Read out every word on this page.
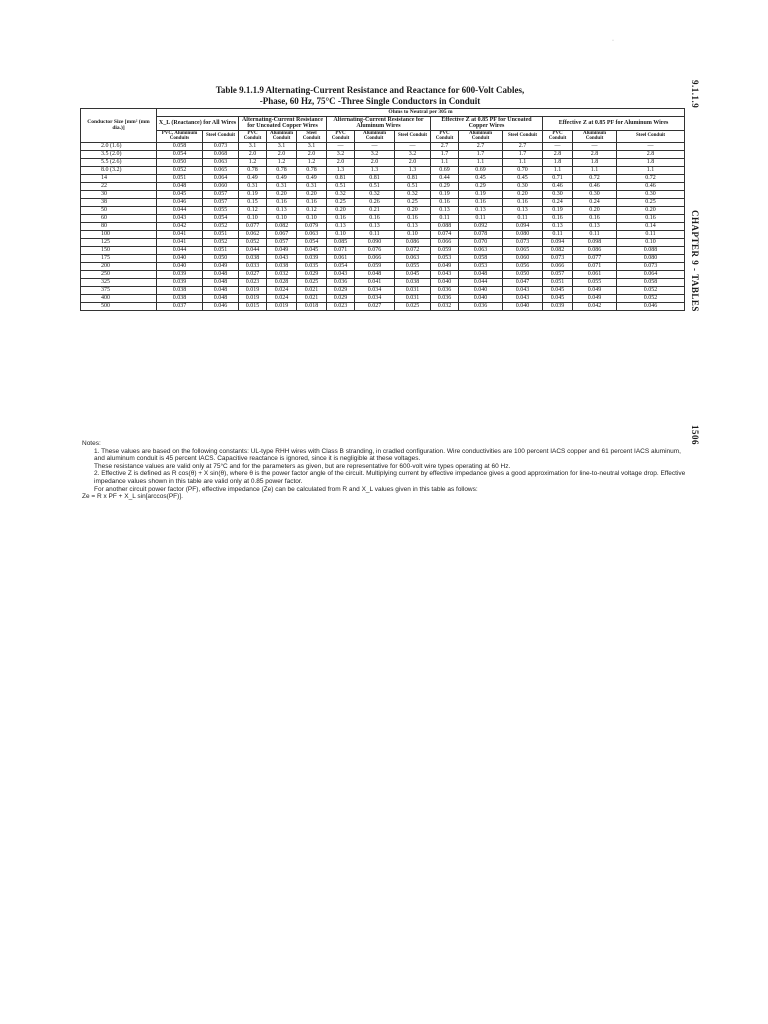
·
Table 9.1.1.9 Alternating-Current Resistance and Reactance for 600-Volt Cables,
-Phase, 60 Hz, 75°C -Three Single Conductors in Conduit
Conductor Size [mm² (mm dia.)]	Ohms to Neutral per 305 m													
	X_L (Reactance) for All Wires		Alternating-Current Resistance for Uncoated Copper Wires			Alternating-Current Resistance for Aluminum Wires			Effective Z at 0.85 PF for Uncoated Copper Wires			Effective Z at 0.85 PF for Aluminum Wires		
	PVC, Aluminum Conduits	Steel Conduit	PVC Conduit	Aluminum Conduit	Steel Conduit	PVC Conduit	Aluminum Conduit	Steel Conduit	PVC Conduit	Aluminum Conduit	Steel Conduit	PVC Conduit	Aluminum Conduit	Steel Conduit
2.0 (1.6)	0.058	0.073	3.1	3.1	3.1	—	—	—	2.7	2.7	2.7	—	—	—
3.5 (2.0)	0.054	0.068	2.0	2.0	2.0	3.2	3.2	3.2	1.7	1.7	1.7	2.8	2.8	2.8
5.5 (2.6)	0.050	0.063	1.2	1.2	1.2	2.0	2.0	2.0	1.1	1.1	1.1	1.8	1.8	1.8
8.0 (3.2)	0.052	0.065	0.78	0.78	0.78	1.3	1.3	1.3	0.69	0.69	0.70	1.1	1.1	1.1
14	0.051	0.064	0.49	0.49	0.49	0.81	0.81	0.81	0.44	0.45	0.45	0.71	0.72	0.72
22	0.048	0.060	0.31	0.31	0.31	0.51	0.51	0.51	0.29	0.29	0.30	0.46	0.46	0.46
30	0.045	0.057	0.19	0.20	0.20	0.32	0.32	0.32	0.19	0.19	0.20	0.30	0.30	0.30
38	0.046	0.057	0.15	0.16	0.16	0.25	0.26	0.25	0.16	0.16	0.16	0.24	0.24	0.25
50	0.044	0.055	0.12	0.13	0.12	0.20	0.21	0.20	0.13	0.13	0.13	0.19	0.20	0.20
60	0.043	0.054	0.10	0.10	0.10	0.16	0.16	0.16	0.11	0.11	0.11	0.16	0.16	0.16
80	0.042	0.052	0.077	0.082	0.079	0.13	0.13	0.13	0.088	0.092	0.094	0.13	0.13	0.14
100	0.041	0.051	0.062	0.067	0.063	0.10	0.11	0.10	0.074	0.078	0.080	0.11	0.11	0.11
125	0.041	0.052	0.052	0.057	0.054	0.085	0.090	0.086	0.066	0.070	0.073	0.094	0.098	0.10
150	0.044	0.051	0.044	0.049	0.045	0.071	0.076	0.072	0.059	0.063	0.065	0.082	0.086	0.088
175	0.040	0.050	0.038	0.043	0.039	0.061	0.066	0.063	0.053	0.058	0.060	0.073	0.077	0.080
200	0.040	0.049	0.033	0.038	0.035	0.054	0.059	0.055	0.049	0.053	0.056	0.066	0.071	0.073
250	0.039	0.048	0.027	0.032	0.029	0.043	0.048	0.045	0.043	0.048	0.050	0.057	0.061	0.064
325	0.039	0.048	0.023	0.028	0.025	0.036	0.041	0.038	0.040	0.044	0.047	0.051	0.055	0.058
375	0.038	0.048	0.019	0.024	0.021	0.029	0.034	0.031	0.036	0.040	0.043	0.045	0.049	0.052
400	0.038	0.048	0.019	0.024	0.021	0.029	0.034	0.031	0.036	0.040	0.043	0.045	0.049	0.052
500	0.037	0.046	0.015	0.019	0.018	0.023	0.027	0.025	0.032	0.036	0.040	0.039	0.042	0.046

Notes:

1. These values are based on the following constants: UL-type RHH wires with Class B stranding, in cradled configuration. Wire conductivities are 100 percent IACS copper and 61 percent IACS aluminum, and aluminum conduit is 45 percent IACS. Capacitive reactance is ignored, since it is negligible at these voltages.

These resistance values are valid only at 75°C and for the parameters as given, but are representative for 600-volt wire types operating at 60 Hz.

2. Effective Z is defined as R cos(θ) + X sin(θ), where θ is the power factor angle of the circuit. Multiplying current by effective impedance gives a good approximation for line-to-neutral voltage drop. Effective impedance values shown in this table are valid only at 0.85 power factor.

For another circuit power factor (PF), effective impedance (Ze) can be calculated from R and X_L values given in this table as follows:

Ze = R x PF + X_L sin[arccos(PF)].

9.1.1.9
CHAPTER 9 - TABLES
1506
